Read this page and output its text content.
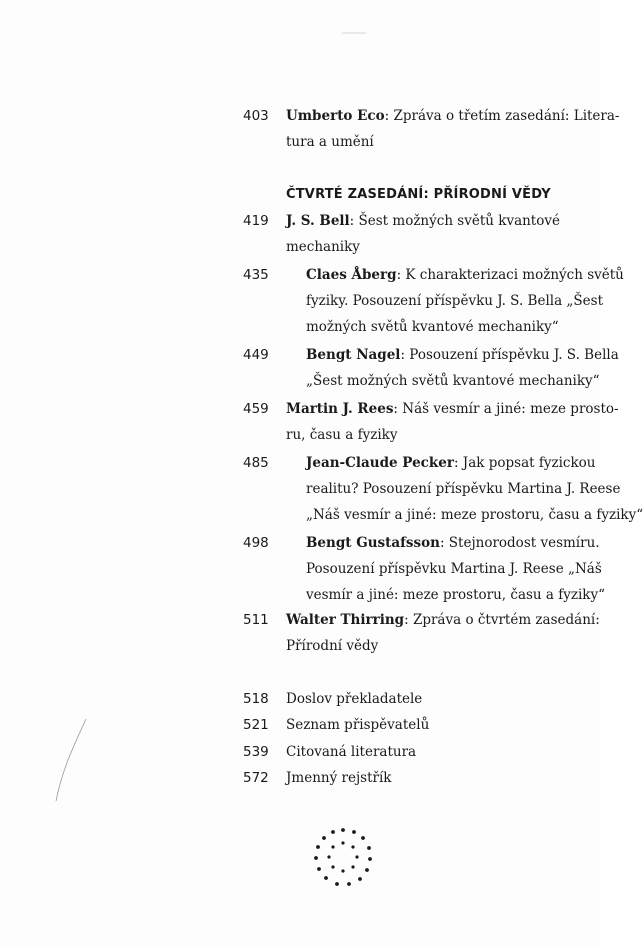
403	Umberto Eco: Zpráva o třetím zasedání: Litera-
tura a umění
ČTVRTÉ ZASEDÁNÍ: PŘÍRODNÍ VĚDY
419	J. S. Bell: Šest možných světů kvantové
mechaniky
435	Claes Åberg: K charakterizaci možných světů
fyziky. Posouzení příspěvku J. S. Bella „Šest
možných světů kvantové mechaniky“
449	Bengt Nagel: Posouzení příspěvku J. S. Bella
„Šest možných světů kvantové mechaniky“
459	Martin J. Rees: Náš vesmír a jiné: meze prosto-
ru, času a fyziky
485	Jean-Claude Pecker: Jak popsat fyzickou
realitu? Posouzení příspěvku Martina J. Reese
„Náš vesmír a jiné: meze prostoru, času a fyziky“
498	Bengt Gustafsson: Stejnorodost vesmíru.
Posouzení příspěvku Martina J. Reese „Náš
vesmír a jiné: meze prostoru, času a fyziky“
511	Walter Thirring: Zpráva o čtvrtém zasedání:
Přírodní vědy
518	Doslov překladatele
521	Seznam přispěvatelů
539	Citovaná literatura
572	Jmenný rejstřík
